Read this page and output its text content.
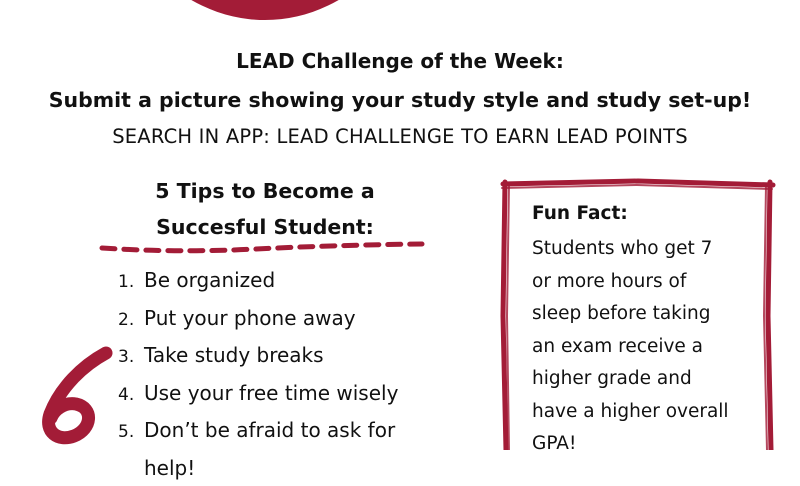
LEAD Challenge of the Week:
Submit a picture showing your study style and study set-up!
SEARCH IN APP: LEAD CHALLENGE TO EARN LEAD POINTS
5 Tips to Become a
Succesful Student:
1. Be organized
2. Put your phone away
3. Take study breaks
4. Use your free time wisely
5. Don’t be afraid to ask for
help!
Fun Fact:
Students who get 7
or more hours of
sleep before taking
an exam receive a
higher grade and
have a higher overall
GPA!
